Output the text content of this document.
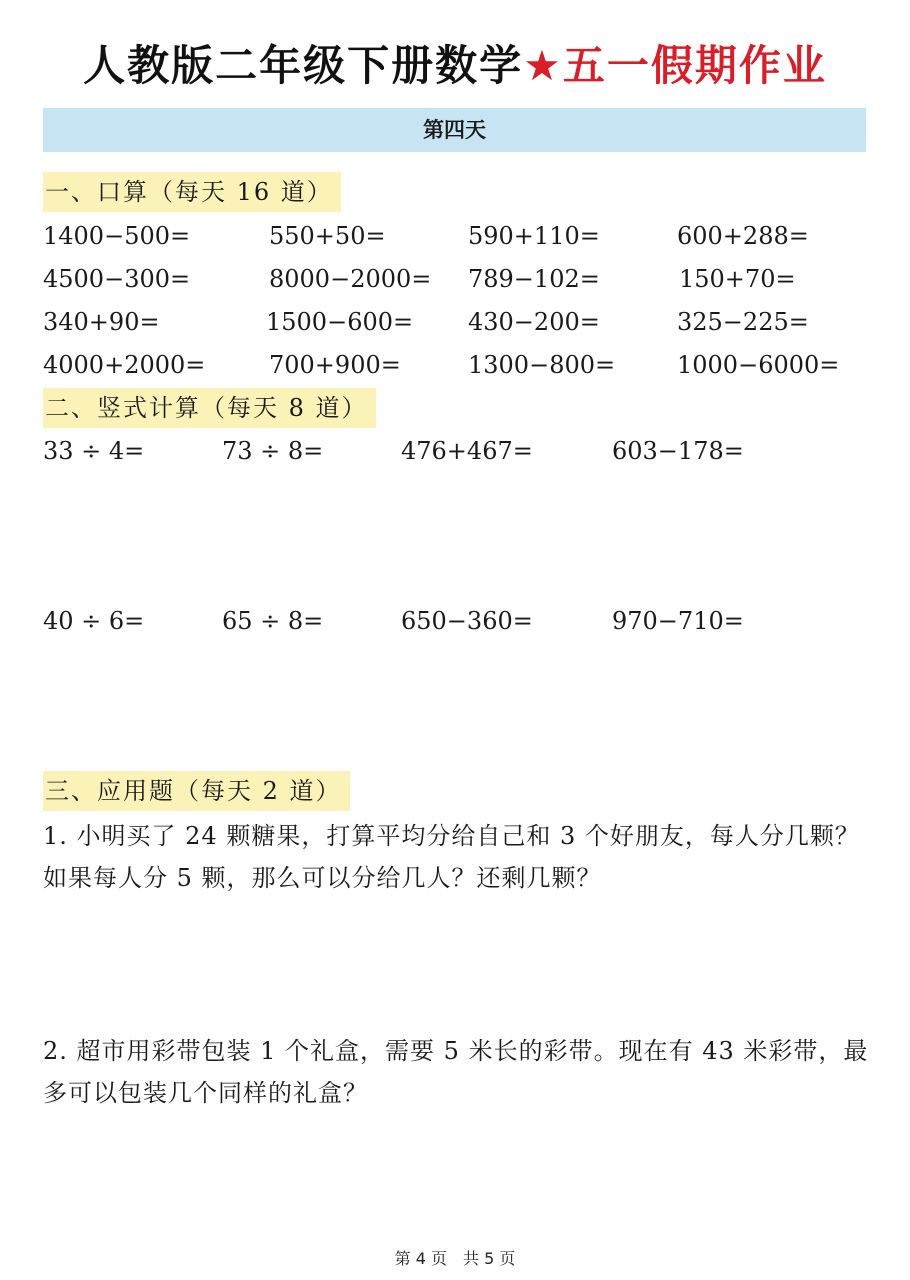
人教版二年级下册数学★五一假期作业
第四天
一、口算（每天 16 道）
1400−500=	550+50=	590+110=	600+288=
4500−300=	8000−2000= 789−102=	150+70=
340+90=	1500−600= 430−200=	325−225=
4000+2000=	700+900=	1300−800=	1000−6000=
二、竖式计算（每天 8 道）
33 ÷ 4=	73 ÷ 8=	476+467=	603−178=
40 ÷ 6=	65 ÷ 8=	650−360=	970−710=
三、应用题（每天 2 道）
1. 小明买了 24 颗糖果，打算平均分给自己和 3 个好朋友，每人分几颗？如果每人分 5 颗，那么可以分给几人？还剩几颗？
2. 超市用彩带包装 1 个礼盒，需要 5 米长的彩带。现在有 43 米彩带，最多可以包装几个同样的礼盒？
第 4 页　共 5 页
